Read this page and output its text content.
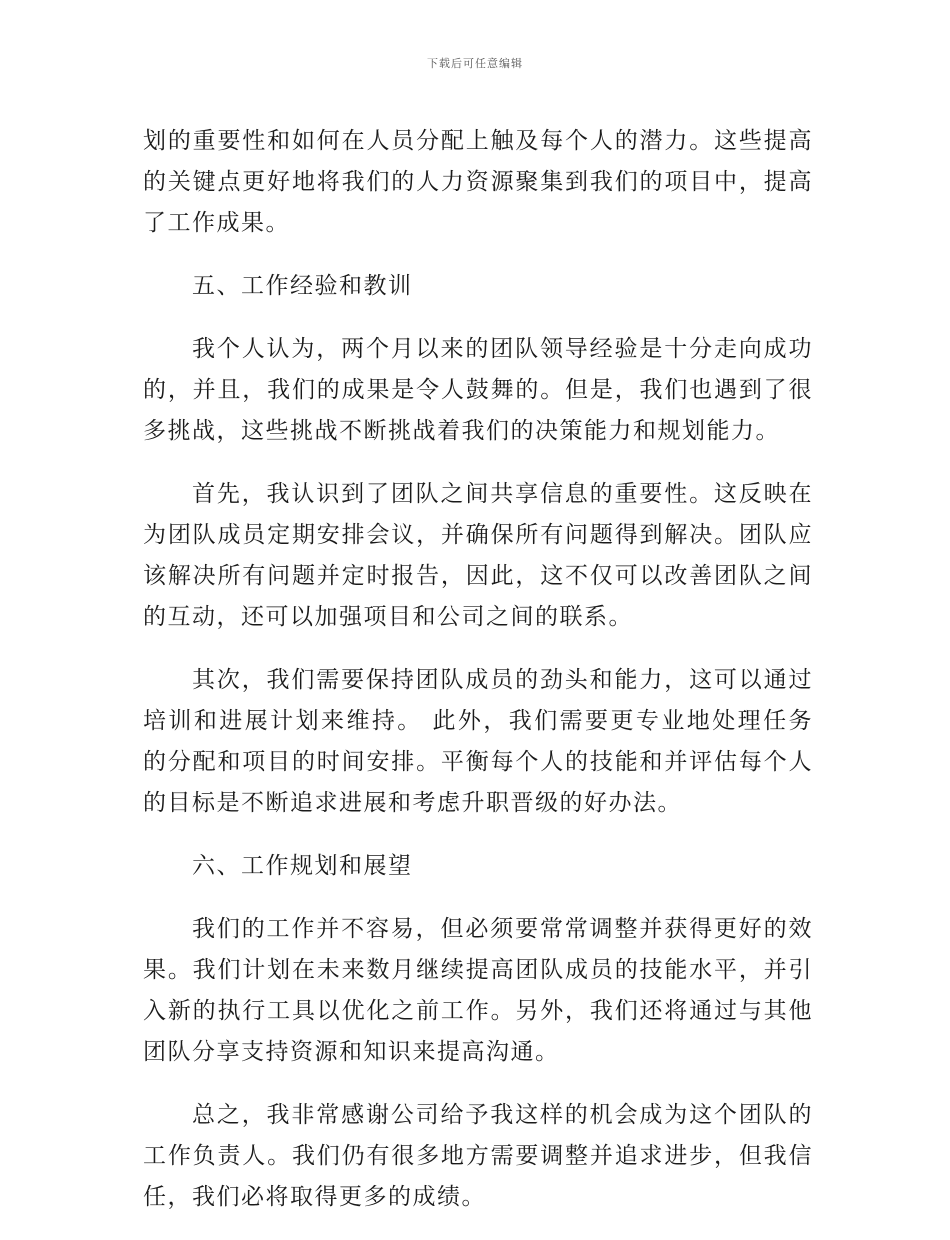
下载后可任意编辑

划的重要性和如何在人员分配上触及每个人的潜力。这些提高的关键点更好地将我们的人力资源聚集到我们的项目中，提高了工作成果。

五、工作经验和教训

我个人认为，两个月以来的团队领导经验是十分走向成功的，并且，我们的成果是令人鼓舞的。但是，我们也遇到了很多挑战，这些挑战不断挑战着我们的决策能力和规划能力。

首先，我认识到了团队之间共享信息的重要性。这反映在为团队成员定期安排会议，并确保所有问题得到解决。团队应该解决所有问题并定时报告，因此，这不仅可以改善团队之间的互动，还可以加强项目和公司之间的联系。

其次，我们需要保持团队成员的劲头和能力，这可以通过培训和进展计划来维持。 此外，我们需要更专业地处理任务的分配和项目的时间安排。平衡每个人的技能和并评估每个人的目标是不断追求进展和考虑升职晋级的好办法。

六、工作规划和展望

我们的工作并不容易，但必须要常常调整并获得更好的效果。我们计划在未来数月继续提高团队成员的技能水平，并引入新的执行工具以优化之前工作。另外，我们还将通过与其他团队分享支持资源和知识来提高沟通。

总之，我非常感谢公司给予我这样的机会成为这个团队的工作负责人。我们仍有很多地方需要调整并追求进步，但我信任，我们必将取得更多的成绩。
